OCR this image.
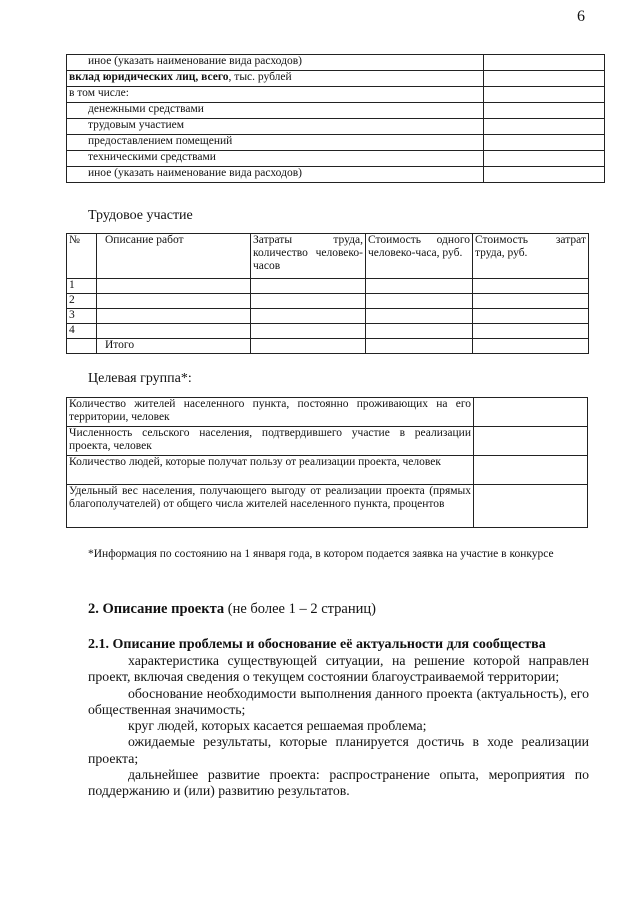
6
иное (указать наименование вида расходов)	
вклад юридических лиц, всего, тыс. рублей	
в том числе:	
денежными средствами	
трудовым участием	
предоставлением помещений	
техническими средствами	
иное (указать наименование вида расходов)	
Трудовое участие
№	Описание работ	Затраты труда, количество человеко-часов	Стоимость одного человеко-часа, руб.	Стоимость затрат труда, руб.
1				
2				
3				
4				
	Итого			
Целевая группа*:
Количество жителей населенного пункта, постоянно проживающих на его территории, человек	
Численность сельского населения, подтвердившего участие в реализации проекта, человек	
Количество людей, которые получат пользу от реализации проекта, человек	
Удельный вес населения, получающего выгоду от реализации проекта (прямых благополучателей) от общего числа жителей населенного пункта, процентов	
*Информация по состоянию на 1 января года, в котором подается заявка на участие в конкурсе
2. Описание проекта (не более 1 – 2 страниц)
2.1. Описание проблемы и обоснование её актуальности для сообщества

характеристика существующей ситуации, на решение которой направлен проект, включая сведения о текущем состоянии благоустраиваемой территории;

обоснование необходимости выполнения данного проекта (актуальность), его общественная значимость;

круг людей, которых касается решаемая проблема;

ожидаемые результаты, которые планируется достичь в ходе реализации проекта;

дальнейшее развитие проекта: распространение опыта, мероприятия по поддержанию и (или) развитию результатов.
